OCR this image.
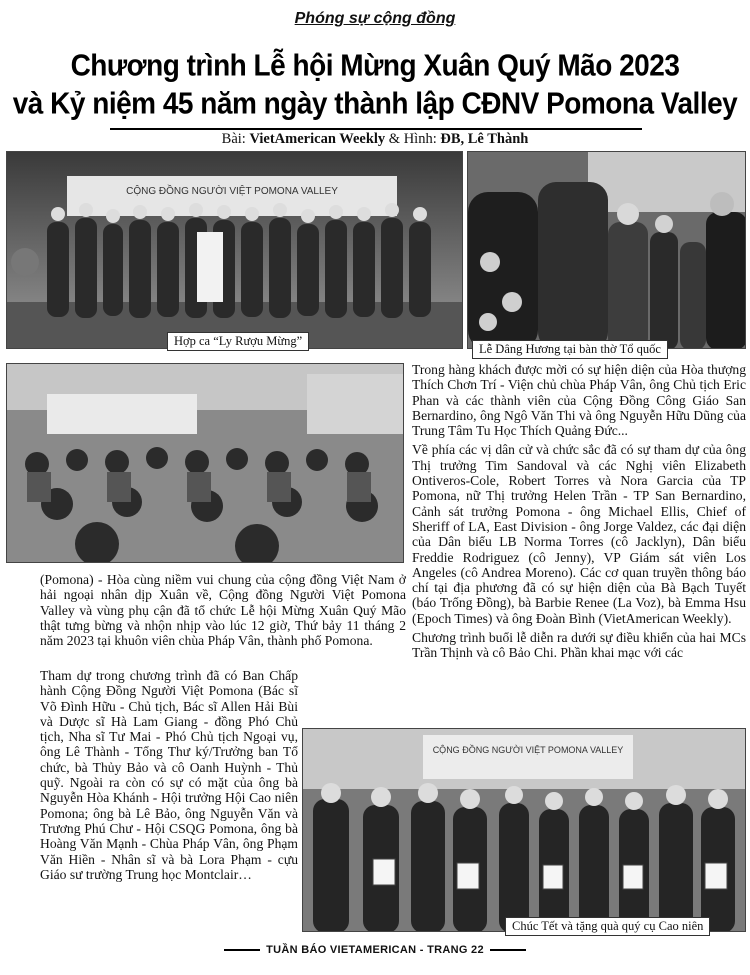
Phóng sự cộng đồng
Chương trình Lễ hội Mừng Xuân Quý Mão 2023
và Kỷ niệm 45 năm ngày thành lập CĐNV Pomona Valley
Bài: VietAmerican Weekly & Hình: ĐB, Lê Thành
CỘNG ĐỒNG NGƯỜI VIỆT POMONA VALLEY
Hợp ca “Ly Rượu Mừng”
Lễ Dâng Hương tại bàn thờ Tổ quốc

Trong hàng khách được mời có sự hiện diện của Hòa thượng Thích Chơn Trí - Viện chủ chùa Pháp Vân, ông Chủ tịch Eric Phan và các thành viên của Cộng Đồng Công Giáo San Bernardino, ông Ngô Văn Thi và ông Nguyễn Hữu Dũng của Trung Tâm Tu Học Thích Quảng Đức...

Về phía các vị dân cử và chức sắc đã có sự tham dự của ông Thị trưởng Tim Sandoval và các Nghị viên Elizabeth Ontiveros-Cole, Robert Torres và Nora Garcia của TP Pomona, nữ Thị trưởng Helen Trần - TP San Bernardino, Cảnh sát trưởng Pomona - ông Michael Ellis, Chief of Sheriff of LA, East Division - ông Jorge Valdez, các đại diện của Dân biểu LB Norma Torres (cô Jacklyn), Dân biểu Freddie Rodriguez (cô Jenny), VP Giám sát viên Los Angeles (cô Andrea Moreno). Các cơ quan truyền thông báo chí tại địa phương đã có sự hiện diện của Bà Bạch Tuyết (báo Trống Đồng), bà Barbie Renee (La Voz), bà Emma Hsu (Epoch Times) và ông Đoàn Bình (VietAmerican Weekly).

Chương trình buổi lễ diễn ra dưới sự điều khiển của hai MCs Trần Thịnh và cô Bảo Chi. Phần khai mạc với các

(Pomona) - Hòa cùng niềm vui chung của cộng đồng Việt Nam ở hải ngoại nhân dịp Xuân về, Cộng đồng Người Việt Pomona Valley và vùng phụ cận đã tổ chức Lễ hội Mừng Xuân Quý Mão thật tưng bừng và nhộn nhịp vào lúc 12 giờ, Thứ bảy 11 tháng 2 năm 2023 tại khuôn viên chùa Pháp Vân, thành phố Pomona.

Tham dự trong chương trình đã có Ban Chấp hành Cộng Đồng Người Việt Pomona (Bác sĩ Võ Đình Hữu - Chủ tịch, Bác sĩ Allen Hải Bùi và Dược sĩ Hà Lam Giang - đồng Phó Chủ tịch, Nha sĩ Tư Mai - Phó Chủ tịch Ngoại vụ, ông Lê Thành - Tổng Thư ký/Trưởng ban Tổ chức, bà Thủy Bảo và cô Oanh Huỳnh - Thủ quỹ. Ngoài ra còn có sự có mặt của ông bà Nguyễn Hòa Khánh - Hội trưởng Hội Cao niên Pomona; ông bà Lê Bảo, ông Nguyễn Văn và Trương Phú Chư - Hội CSQG Pomona, ông bà Hoàng Văn Mạnh - Chùa Pháp Vân, ông Phạm Văn Hiền - Nhân sĩ và bà Lora Phạm - cựu Giáo sư trường Trung học Montclair…

CỘNG ĐỒNG NGƯỜI VIỆT POMONA VALLEY
Chúc Tết và tặng quà quý cụ Cao niên
TUẦN BÁO VIETAMERICAN - TRANG 22
